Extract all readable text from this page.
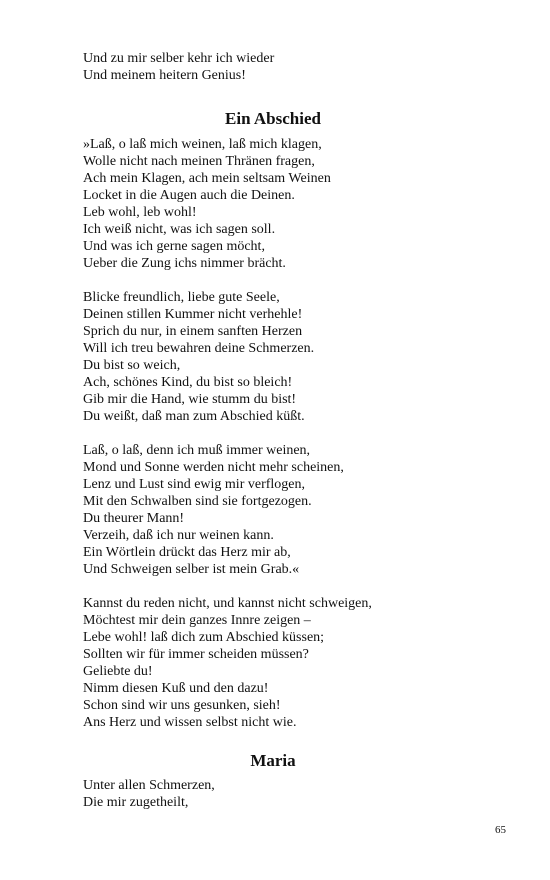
Und zu mir selber kehr ich wieder
Und meinem heitern Genius!
Ein Abschied
»Laß, o laß mich weinen, laß mich klagen,
Wolle nicht nach meinen Thränen fragen,
Ach mein Klagen, ach mein seltsam Weinen
Locket in die Augen auch die Deinen.
Leb wohl, leb wohl!
Ich weiß nicht, was ich sagen soll.
Und was ich gerne sagen möcht,
Ueber die Zung ichs nimmer brächt.
Blicke freundlich, liebe gute Seele,
Deinen stillen Kummer nicht verhehle!
Sprich du nur, in einem sanften Herzen
Will ich treu bewahren deine Schmerzen.
Du bist so weich,
Ach, schönes Kind, du bist so bleich!
Gib mir die Hand, wie stumm du bist!
Du weißt, daß man zum Abschied küßt.
Laß, o laß, denn ich muß immer weinen,
Mond und Sonne werden nicht mehr scheinen,
Lenz und Lust sind ewig mir verflogen,
Mit den Schwalben sind sie fortgezogen.
Du theurer Mann!
Verzeih, daß ich nur weinen kann.
Ein Wörtlein drückt das Herz mir ab,
Und Schweigen selber ist mein Grab.«
Kannst du reden nicht, und kannst nicht schweigen,
Möchtest mir dein ganzes Innre zeigen –
Lebe wohl! laß dich zum Abschied küssen;
Sollten wir für immer scheiden müssen?
Geliebte du!
Nimm diesen Kuß und den dazu!
Schon sind wir uns gesunken, sieh!
Ans Herz und wissen selbst nicht wie.
Maria
Unter allen Schmerzen,
Die mir zugetheilt,
65
